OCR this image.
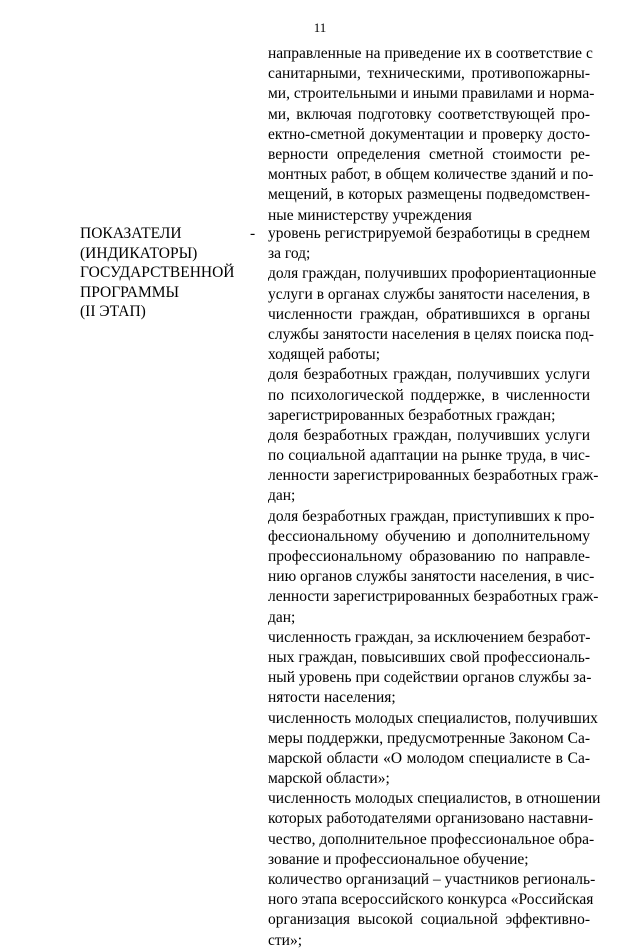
11
направленные на приведение их в соответствие с
санитарными, техническими, противопожарны-
ми, строительными и иными правилами и норма-
ми, включая подготовку соответствующей про-
ектно-сметной документации и проверку досто-
верности определения сметной стоимости ре-
монтных работ, в общем количестве зданий и по-
мещений, в которых размещены подведомствен-
ные министерству учреждения
ПОКАЗАТЕЛИ
(ИНДИКАТОРЫ)
ГОСУДАРСТВЕННОЙ
ПРОГРАММЫ
(II ЭТАП)
- уровень регистрируемой безработицы в среднем
за год;
доля граждан, получивших профориентационные
услуги в органах службы занятости населения, в
численности граждан, обратившихся в органы
службы занятости населения в целях поиска под-
ходящей работы;
доля безработных граждан, получивших услуги
по психологической поддержке, в численности
зарегистрированных безработных граждан;
доля безработных граждан, получивших услуги
по социальной адаптации на рынке труда, в чис-
ленности зарегистрированных безработных граж-
дан;
доля безработных граждан, приступивших к про-
фессиональному обучению и дополнительному
профессиональному образованию по направле-
нию органов службы занятости населения, в чис-
ленности зарегистрированных безработных граж-
дан;
численность граждан, за исключением безработ-
ных граждан, повысивших свой профессиональ-
ный уровень при содействии органов службы за-
нятости населения;
численность молодых специалистов, получивших
меры поддержки, предусмотренные Законом Са-
марской области «О молодом специалисте в Са-
марской области»;
численность молодых специалистов, в отношении
которых работодателями организовано наставни-
чество, дополнительное профессиональное обра-
зование и профессиональное обучение;
количество организаций – участников региональ-
ного этапа всероссийского конкурса «Российская
организация высокой социальной эффективно-
сти»;
